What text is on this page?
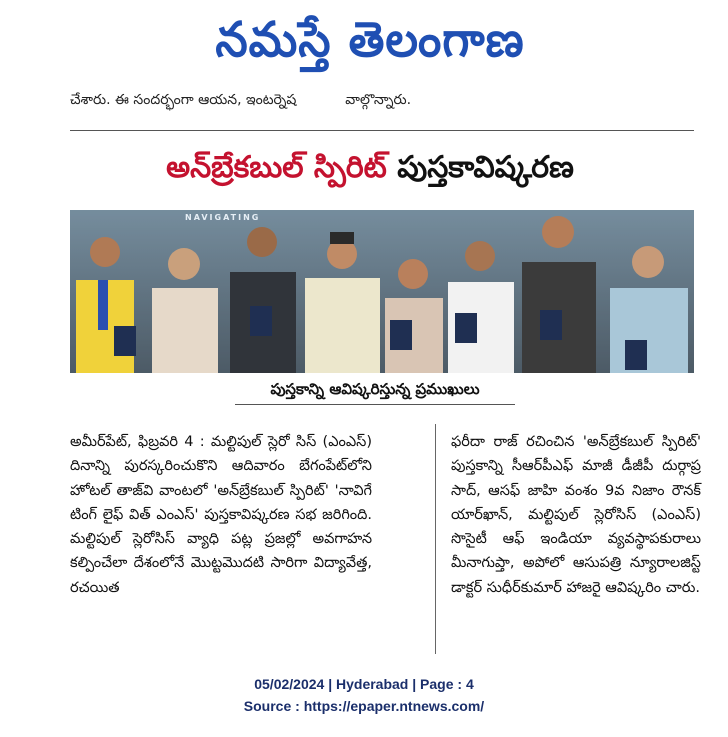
నమస్తే తెలంగాణ
చేశారు. ఈ సందర్భంగా ఆయన, ఇంటర్నెష	వాల్గొన్నారు.
అన్‌బ్రేకబుల్ స్పిరిట్ పుస్తకావిష్కరణ
NAVIGATING
పుస్తకాన్ని ఆవిష్కరిస్తున్న ప్రముఖులు
అమీర్‌పేట్, ఫిబ్రవరి 4 : మల్టిపుల్ స్లెరో సిస్ (ఎంఎస్) దినాన్ని పురస్కరించుకొని ఆదివారం బేగంపేట్‌లోని హోటల్ తాజ్‌వి వాంటలో 'అన్‌బ్రేకబుల్ స్పిరిట్' 'నావిగే టింగ్ లైఫ్ విత్ ఎంఎస్' పుస్తకావిష్కరణ సభ జరిగింది. మల్టిపుల్ స్లెరోసిస్ వ్యాధి పట్ల ప్రజల్లో అవగాహన కల్పించేలా దేశంలోనే మొట్టమొదటి సారిగా విద్యావేత్త, రచయిత
ఫరీదా రాజ్ రచించిన 'అన్‌బ్రేకబుల్ స్పిరిట్' పుస్తకాన్ని సీఆర్‌పీఎఫ్ మాజీ డీజీపీ దుర్గాప్ర సాద్, ఆసఫ్ జాహి వంశం 9వ నిజాం రౌనక్ యార్‌ఖాన్, మల్టిపుల్ స్లెరోసిస్ (ఎంఎస్) సొసైటీ ఆఫ్ ఇండియా వ్యవస్థాపకురాలు మీనాగుప్తా, అపోలో ఆసుపత్రి న్యూరాలజిస్ట్ డాక్టర్ సుధీర్‌కుమార్ హాజరై ఆవిష్కరిం చారు.
05/02/2024 | Hyderabad | Page : 4
Source : https://epaper.ntnews.com/
